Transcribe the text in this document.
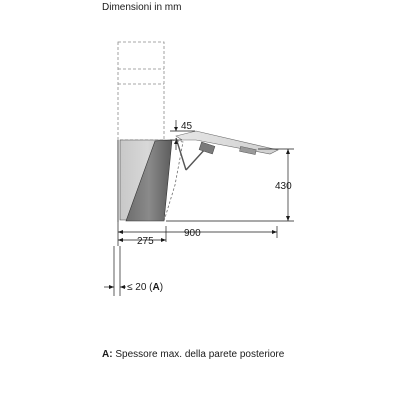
Dimensioni in mm
45
430
900
275
≤ 20 (A)
A: Spessore max. della parete posteriore
